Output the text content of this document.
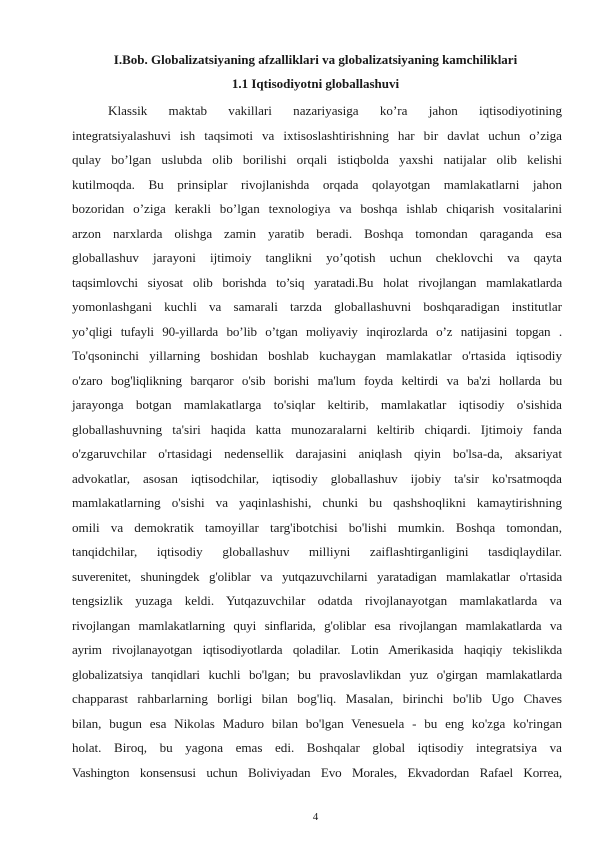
I.Bob. Globalizatsiyaning afzalliklari va globalizatsiyaning kamchiliklari
1.1 Iqtisodiyotni globallashuvi
Klassik maktab vakillari nazariyasiga ko’ra jahon iqtisodiyotining
integratsiyalashuvi ish taqsimoti va ixtisoslashtirishning har bir davlat uchun o’ziga
qulay bo’lgan uslubda olib borilishi orqali istiqbolda yaxshi natijalar olib kelishi
kutilmoqda. Bu prinsiplar rivojlanishda orqada qolayotgan mamlakatlarni jahon
bozoridan o’ziga kerakli bo’lgan texnologiya va boshqa ishlab chiqarish vositalarini
arzon narxlarda olishga zamin yaratib beradi. Boshqa tomondan qaraganda esa
globallashuv jarayoni ijtimoiy tanglikni yo’qotish uchun cheklovchi va qayta
taqsimlovchi siyosat olib borishda to’siq yaratadi.Bu holat rivojlangan mamlakatlarda
yomonlashgani kuchli va samarali tarzda globallashuvni boshqaradigan institutlar
yo’qligi tufayli 90-yillarda bo’lib o’tgan moliyaviy inqirozlarda o’z natijasini topgan .
To'qsoninchi yillarning boshidan boshlab kuchaygan mamlakatlar o'rtasida iqtisodiy
o'zaro bog'liqlikning barqaror o'sib borishi ma'lum foyda keltirdi va ba'zi hollarda bu
jarayonga botgan mamlakatlarga to'siqlar keltirib, mamlakatlar iqtisodiy o'sishida
globallashuvning ta'siri haqida katta munozaralarni keltirib chiqardi. Ijtimoiy fanda
o'zgaruvchilar o'rtasidagi nedensellik darajasini aniqlash qiyin bo'lsa-da, aksariyat
advokatlar, asosan iqtisodchilar, iqtisodiy globallashuv ijobiy ta'sir ko'rsatmoqda
mamlakatlarning o'sishi va yaqinlashishi, chunki bu qashshoqlikni kamaytirishning
omili va demokratik tamoyillar targ'ibotchisi bo'lishi mumkin. Boshqa tomondan,
tanqidchilar, iqtisodiy globallashuv milliyni zaiflashtirganligini tasdiqlaydilar.
suverenitet, shuningdek g'oliblar va yutqazuvchilarni yaratadigan mamlakatlar o'rtasida
tengsizlik yuzaga keldi. Yutqazuvchilar odatda rivojlanayotgan mamlakatlarda va
rivojlangan mamlakatlarning quyi sinflarida, g'oliblar esa rivojlangan mamlakatlarda va
ayrim rivojlanayotgan iqtisodiyotlarda qoladilar. Lotin Amerikasida haqiqiy tekislikda
globalizatsiya tanqidlari kuchli bo'lgan; bu pravoslavlikdan yuz o'girgan mamlakatlarda
chapparast rahbarlarning borligi bilan bog'liq. Masalan, birinchi bo'lib Ugo Chaves
bilan, bugun esa Nikolas Maduro bilan bo'lgan Venesuela - bu eng ko'zga ko'ringan
holat. Biroq, bu yagona emas edi. Boshqalar global iqtisodiy integratsiya va
Vashington konsensusi uchun Boliviyadan Evo Morales, Ekvadordan Rafael Korrea,
4
